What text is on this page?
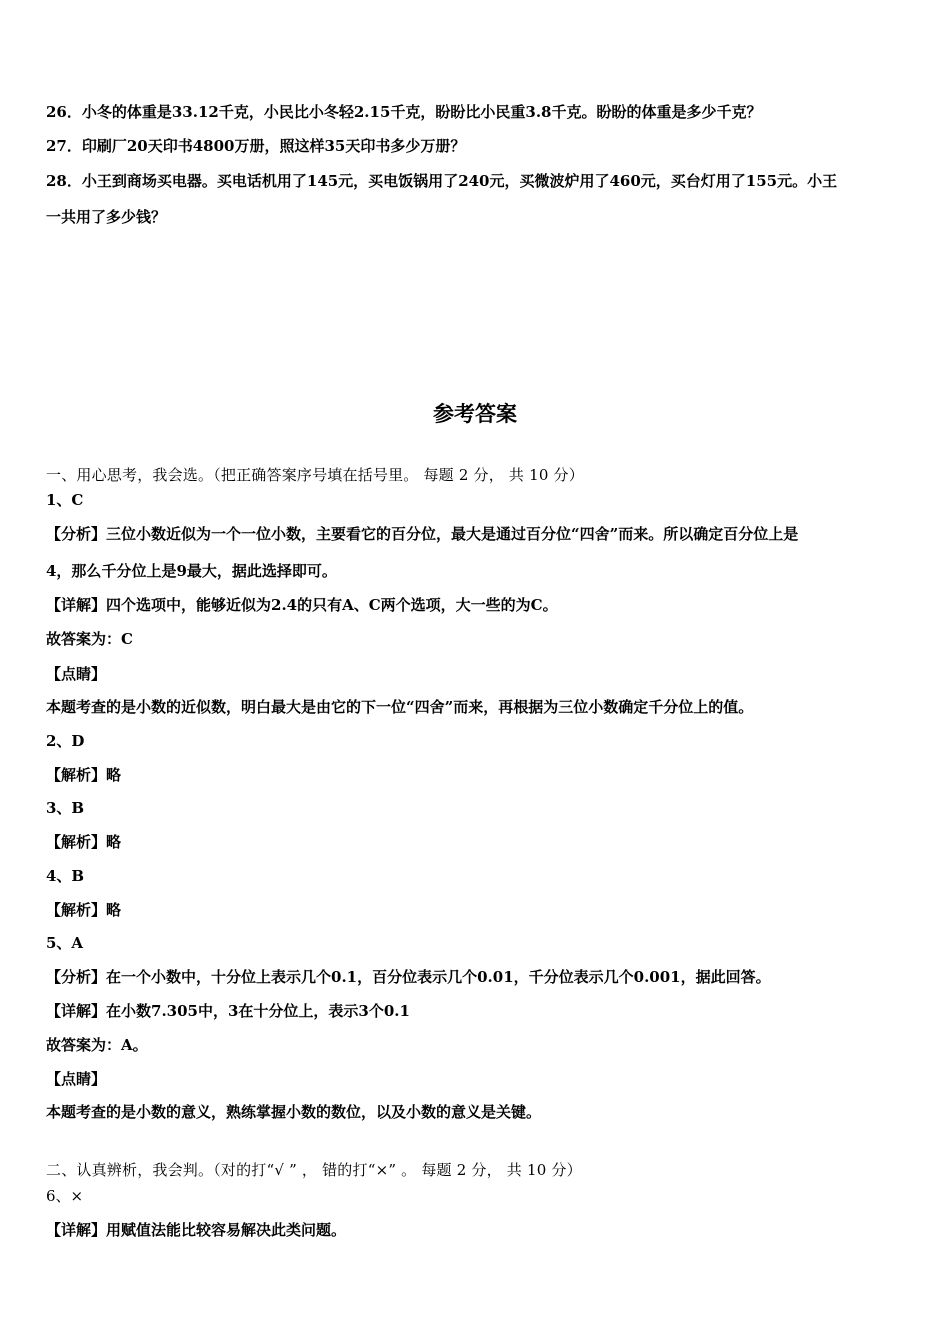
26．小冬的体重是33.12千克，小民比小冬轻2.15千克，盼盼比小民重3.8千克。盼盼的体重是多少千克？
27．印刷厂20天印书4800万册，照这样35天印书多少万册？
28．小王到商场买电器。买电话机用了145元，买电饭锅用了240元，买微波炉用了460元，买台灯用了155元。小王
一共用了多少钱？
参考答案
一、用心思考，我会选。（把正确答案序号填在括号里。 每题 2 分， 共 10 分）
1、C
【分析】三位小数近似为一个一位小数，主要看它的百分位，最大是通过百分位“四舍”而来。所以确定百分位上是
4，那么千分位上是9最大，据此选择即可。
【详解】四个选项中，能够近似为2.4的只有A、C两个选项，大一些的为C。
故答案为：C
【点睛】
本题考查的是小数的近似数，明白最大是由它的下一位“四舍”而来，再根据为三位小数确定千分位上的值。
2、D
【解析】略
3、B
【解析】略
4、B
【解析】略
5、A
【分析】在一个小数中，十分位上表示几个0.1，百分位表示几个0.01，千分位表示几个0.001，据此回答。
【详解】在小数7.305中，3在十分位上，表示3个0.1
故答案为：A。
【点睛】
本题考查的是小数的意义，熟练掌握小数的数位，以及小数的意义是关键。
二、认真辨析，我会判。（对的打“√ ” ， 错的打“×” 。 每题 2 分， 共 10 分）
6、×
【详解】用赋值法能比较容易解决此类问题。
